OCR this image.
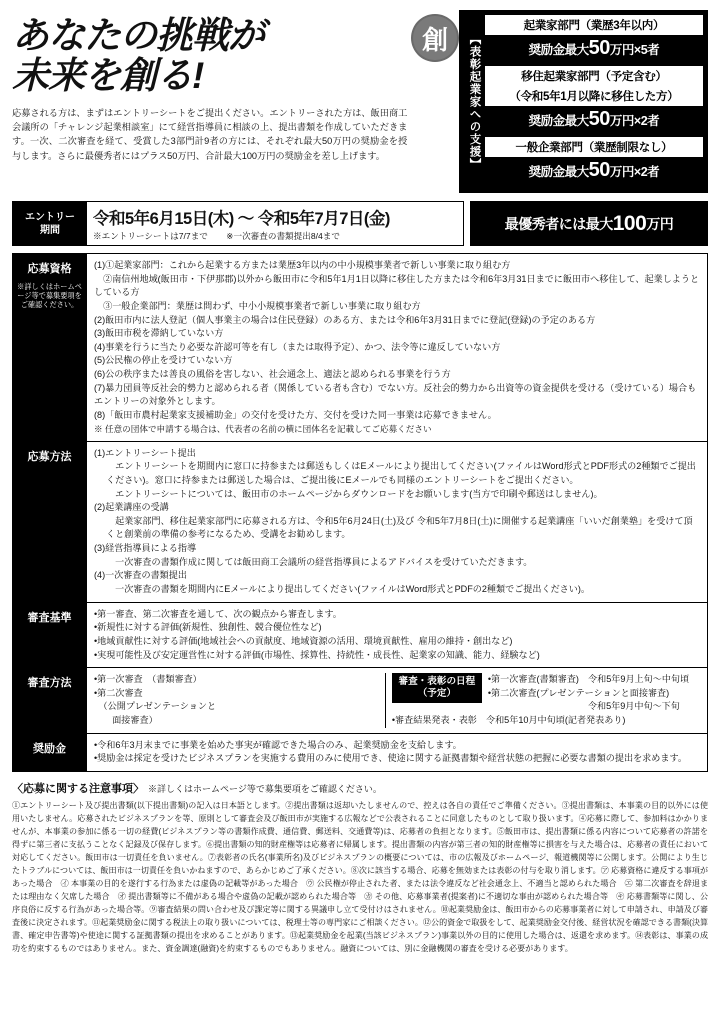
あなたの挑戦が
未来を創る!
応募される方は、まずはエントリーシートをご提出ください。エントリーされた方は、飯田商工会議所の「チャレンジ起業相談室」にて経営指導員に相談の上、提出書類を作成していただきます。一次、二次審査を経て、受賞した3部門計9者の方には、それぞれ最大50万円の奨励金を授与します。さらに最優秀者にはプラス50万円、合計最大100万円の奨励金を差し上げます。
創	【表彰起業家への支援】
起業家部門（業歴3年以内）
奨励金最大50万円×5者
移住起業家部門（予定含む）
（令和5年1月以降に移住した方）
奨励金最大50万円×2者
一般企業部門（業歴制限なし）
奨励金最大50万円×2者
エントリー
期間
令和5年6月15日(木) ～ 令和5年7月7日(金)
※エントリーシートは7/7まで ※一次審査の書類提出8/4まで
最優秀者には最大 100 万円
応募資格
※詳しくはホームページ等で募集要項をご確認ください。

(1)①起業家部門：これから起業する方または業歴3年以内の中小規模事業者で新しい事業に取り組む方

　②南信州地域(飯田市・下伊那郡)以外から飯田市に令和5年1月1日以降に移住した方または令和6年3月31日までに飯田市へ移住して、起業しようとしている方

　③一般企業部門：業歴は問わず、中小小規模事業者で新しい事業に取り組む方

(2)飯田市内に法人登記（個人事業主の場合は住民登録）のある方、または令和6年3月31日までに登記(登録)の予定のある方

(3)飯田市税を滞納していない方

(4)事業を行うに当たり必要な許認可等を有し（または取得予定）、かつ、法令等に違反していない方

(5)公民権の停止を受けていない方

(6)公の秩序または善良の風俗を害しない、社会通念上、適法と認められる事業を行う方

(7)暴力団員等反社会的勢力と認められる者（関係している者も含む）でない方。反社会的勢力から出資等の資金提供を受ける（受けている）場合もエントリーの対象外とします。

(8)「飯田市農村起業家支援補助金」の交付を受けた方、交付を受けた同一事業は応募できません。

※ 任意の団体で申請する場合は、代表者の名前の横に団体名を記載してご応募ください

応募方法	(1)エントリーシート提出

　エントリーシートを期間内に窓口に持参または郵送もしくはEメールにより提出してください(ファイルはWord形式とPDF形式の2種類でご提出ください)。窓口に持参または郵送した場合は、ご提出後にEメールでも同様のエントリーシートをご提出ください。

　エントリーシートについては、飯田市のホームページからダウンロードをお願いします(当方で印刷や郵送はしません)。

(2)起業講座の受講

　起業家部門、移住起業家部門に応募される方は、令和5年6月24日(土)及び 令和5年7月8日(土)に開催する起業講座「いいだ創業塾」を受けて頂くと創業前の準備の参考になるため、受講をお勧めします。

(3)経営指導員による指導

　一次審査の書類作成に関しては飯田商工会議所の経営指導員によるアドバイスを受けていただきます。

(4)一次審査の書類提出

　一次審査の書類を期間内にEメールにより提出してください(ファイルはWord形式とPDFの2種類でご提出ください)。

審査基準	•第一審査、第二次審査を通して、次の観点から審査します。

•新規性に対する評価(新規性、独創性、競合優位性など)

•地域貢献性に対する評価(地域社会への貢献度、地域資源の活用、環境貢献性、雇用の維持・創出など)

•実現可能性及び安定運営性に対する評価(市場性、採算性、持続性・成長性、起業家の知識、能力、経験など)

審査方法	•第一次審査　（書類審査）

•第二次審査

　（公開プレゼンテーションと

　　面接審査）

審査・表彰の日程（予定）

•第一次審査(書類審査)　令和5年9月上旬～中旬頃

•第二次審査(プレゼンテーションと面接審査)

　　　　　　　　　　　令和5年9月中旬～下旬

•審査結果発表・表彰　令和5年10月中旬頃(記者発表あり)

奨励金	•令和6年3月末までに事業を始めた事実が確認できた場合のみ、起業奨励金を支給します。

•奨励金は採定を受けたビジネスプランを実施する費用のみに使用でき、使途に関する証拠書類や経営状態の把握に必要な書類の提出を求めます。

〈応募に関する注意事項〉 ※詳しくはホームページ等で募集要項をご確認ください。
①エントリーシート及び提出書類(以下提出書類)の記入は日本語とします。②提出書類は返却いたしませんので、控えは各自の責任でご準備ください。③提出書類は、本事業の目的以外には使用いたしません。応募されたビジネスプランを等、原則として審査会及び飯田市が実施する広報などで公表されることに同意したものとして取り扱います。④応募に際して、参加料はかかりませんが、本事業の参加に係る一切の経費(ビジネスプラン等の書類作成費、通信費、郵送料、交通費等)は、応募者の負担となります。⑤飯田市は、提出書類に係る内容について応募者の許諾を得ずに第三者に支払うことなく記録及び保存します。⑥提出書類の知的財産権等は応募者に帰属します。提出書類の内容が第三者の知的財産権等に損害を与えた場合は、応募者の責任において対応してください。飯田市は一切責任を負いません。⑦表彰者の氏名(事業所名)及びビジネスプランの概要については、市の広報及びホームページ、報道機関等に公開します。公開により生じたトラブルについては、飯田市は一切責任を負いかねますので、あらかじめご了承ください。⑧次に該当する場合、応募を無効または表彰の付与を取り消します。㋐ 応募資格に違反する事項があった場合　㋑ 本事業の目的を遂行する行為または虚偽の記載等があった場合　㋒ 公民権が停止された者、または法令違反など社会通念上、不適当と認められた場合　㋓ 第二次審査を辞退または理由なく欠席した場合　㋔ 提出書類等に不備がある場合や虚偽の記載が認められた場合等　㋕ その他、応募事業者(提案者)に不適切な事由が認められた場合等　㋖ 応募書類等に関し、公序良俗に反する行為があった場合等。⑨審査結果の問い合わせ及び課定等に関する異議申し立て受付けはされません。⑩起業奨励金は、飯田市からの応募事業者に対して申請され、申請及び審査後に決定されます。⑪起業奨励金に関する税法上の取り扱いについては、税理士等の専門家にご相談ください。⑫公的資金で取扱をして、起業奨励金交付後、経営状況を確認できる書類(決算書、確定申告書等)や使途に関する証拠書類の提出を求めることがあります。⑬起業奨励金を起業(当該ビジネスプラン)事業以外の目的に使用した場合は、返還を求めます。⑭表彰は、事業の成功を約束するものではありません。また、資金調達(融資)を約束するものでもありません。融資については、別に金融機関の審査を受ける必要があります。
